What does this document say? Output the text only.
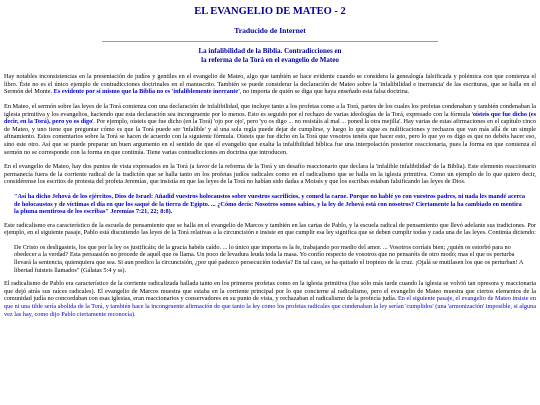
EL EVANGELIO DE MATEO - 2
Traducido de Internet
La infalibilidad de la Biblia. Contradicciones en
la referma de la Torá en el evangelio de Mateo

Hay notables inconsistencias en la presentación de judíos y gentiles en el evangelio de Mateo, algo que también se hace evidente cuando se considera la genealogía falsificada y polémica con que comienza el libro. Éste no es el único ejemplo de contradicciones doctrinales en el manuscrito. También se puede considerar la declaración de Mateo sobre la 'infalibilidad e inerrancia' de las escrituras, que se halla en el Sermón del Monte. Es evidente por sí mismo que la Biblia no es 'infaliblemente inerrante', no importa de quién se diga que haya enseñado esta falsa doctrina.

En Mateo, el sermón sobre las leyes de la Torá comienza con una declaración de infalibilidad, que incluye tanto a los profetas como a la Torá, partes de los cuales los profetas condenaban y también condenaban la iglesia primitiva y los evangelios, haciendo que esta declaración sea incongruente por lo menos. Esto es seguido por el rechazo de varias ideologías de la Torá, expresado con la fórmula 'oísteis que fue dicho (es decir, en la Torá), pero yo os digo'. Por ejemplo, oísteis que fue dicho (en la Torá) 'ojo por ojo', pero 'yo os digo ... no resistáis al mal ... poned la otra mejilla'. Hay varias de estas afirmaciones en el capítulo cinco de Mateo, y uno tiene que preguntar cómo es que la Torá puede ser 'infalible' y al una sola regla puede dejar de cumplirse, y luego lo que sigue es nulificaciones y rechazos que van más allá de un simple afinamiento. Estos comentarios sobre la Torá se hacen de acuerdo con la siguiente fórmula. Oísteis que fue dicho en la Torá que vosotros tenéis que hacer esto, pero lo que yo os digo es que no debéis hacer eso, sino este otro. Así que se puede preparar un buen argumento en el sentido de que el evangelio que exalta la infalibilidad bíblica fue una interpolación posterior reaccionaria, pues la forma en que comienza el sermón no se corresponde con la forma en que continúa. Tiene varias contradicciones en doctrina que introducen.

En el evangelio de Mateo, hay dos puntos de vista expresados en la Torá (a favor de la reforma de la Torá y un desafío reaccionario que declara la 'infalible infalibilidad' de la Biblia). Este elemento reaccionario permanecía fuera de la corriente radical de la tradición que se halla tanto en los profetas judíos radicales como en el radicalismo que se halla en la iglesia primitiva. Como un ejemplo de lo que quiero decir, considérense los escritos de protesta del profeta Jeremías, que insistía en que las leyes de la Torá no habían sido dadas a Moisés y que los escribas estaban falsificando las leyes de Dios.

"Así ha dicho Jehová de los ejércitos, Dios de Israel: Añadid vuestros holocaustos sobre vuestros sacrificios, y comed la carne. Porque no hablé yo con vuestros padres, ni nada les mandé acerca de holocaustos y de víctimas el día en que los saqué de la tierra de Egipto. ... ¿Cómo decís: Nosotros somos sabios, y la ley de Jehová está con nosotros? Ciertamente la ha cambiado en mentira la pluma mentirosa de los escribas" Jeremías 7:21, 22; 8:8).

Este radicalismo era característico de la escuela de pensamiento que se halla en el evangelio de Marcos y también en las cartas de Pablo, y la escuela radical de pensamiento que llevó adelante sus tradiciones. Por ejemplo, en el siguiente pasaje, Pablo está discutiendo las leyes de la Torá relativas a la circuncisión e insiste en que cumplir esa ley significa que se deben cumplir todas y cada una de las leyes. Continúa diciendo:

De Cristo os desligasteis, los que por la ley os justificáis; de la gracia habéis caído. ... lo único que importa es la fe, trabajando por medio del amor. ... Vosotros corríais bien; ¿quién os estorbó para no obedecer a la verdad? Esta persuasión no procede de aquél que os llama. Un poco de levadura leuda toda la masa. Yo confío respecto de vosotros que no pensaréis de otro modo; mas el que os perturba llevará la sentencia, quienquiera que sea. Si aun predico la circuncisión, ¿por qué padezco persecución todavía? En tal caso, se ha quitado el tropiezo de la cruz. ¡Ojalá se mutilasen los que os perturban! A libertad fuisteis llamados" (Gálatas 5:4 y ss).

El radicalismo de Pablo era característico de la corriente radicalizada hallada tanto en los primeros profetas como en la iglesia primitiva (fue sólo más tarde cuando la iglesia se volvió tan opresora y reaccionaria que dejó atrás sus raíces radicales). El evangelio de Marcos muestra que estaba en la corriente principal por lo que concierne al radicalismo, pero el evangelio de Mateo muestra que ciertos elementos de la comunidad judía no concordaban con esas iglesias, eran reaccionarios y conservadores en su punto de vista, y rechazaban el radicalismo de la profecía judía. En el siguiente pasaje, el evangelio de Mateo insiste en que ni una tilde sería abolida de la Torá, y también hace la incongruente afirmación de que tanto la ley como los profetas radicales que condenaban la ley serían 'cumplidos' (una 'armonización' imposible, si alguna vez las hay, como dijo Pablo ciertamente reconocía).
